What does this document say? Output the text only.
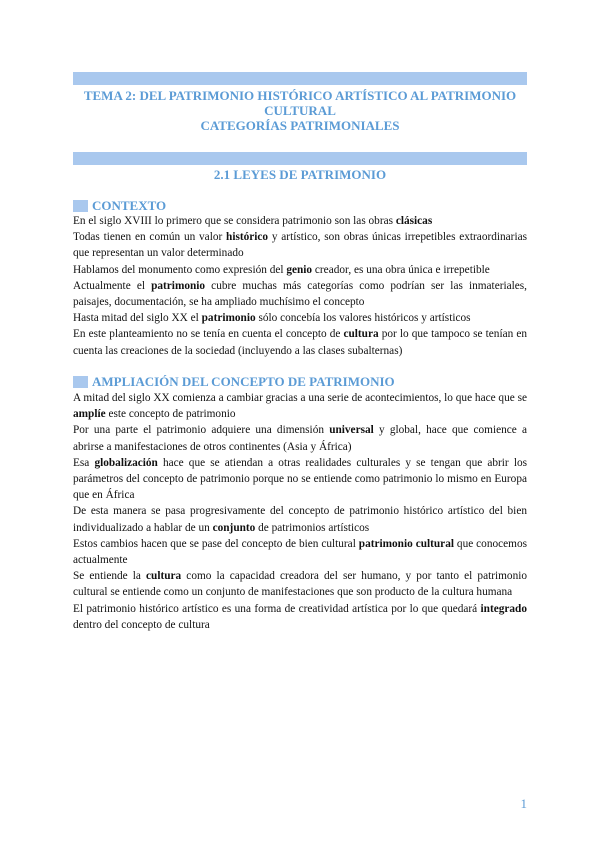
TEMA 2: DEL PATRIMONIO HISTÓRICO ARTÍSTICO AL PATRIMONIO
CULTURAL
CATEGORÍAS PATRIMONIALES
2.1 LEYES DE PATRIMONIO
CONTEXTO

En el siglo XVIII lo primero que se considera patrimonio son las obras clásicas

Todas tienen en común un valor histórico y artístico, son obras únicas irrepetibles extraordinarias que representan un valor determinado

Hablamos del monumento como expresión del genio creador, es una obra única e irrepetible

Actualmente el patrimonio cubre muchas más categorías como podrían ser las inmateriales, paisajes, documentación, se ha ampliado muchísimo el concepto

Hasta mitad del siglo XX el patrimonio sólo concebía los valores históricos y artísticos

En este planteamiento no se tenía en cuenta el concepto de cultura por lo que tampoco se tenían en cuenta las creaciones de la sociedad (incluyendo a las clases subalternas)

AMPLIACIÓN DEL CONCEPTO DE PATRIMONIO

A mitad del siglo XX comienza a cambiar gracias a una serie de acontecimientos, lo que hace que se amplíe este concepto de patrimonio

Por una parte el patrimonio adquiere una dimensión universal y global, hace que comience a abrirse a manifestaciones de otros continentes (Asia y África)

Esa globalización hace que se atiendan a otras realidades culturales y se tengan que abrir los parámetros del concepto de patrimonio porque no se entiende como patrimonio lo mismo en Europa que en África

De esta manera se pasa progresivamente del concepto de patrimonio histórico artístico del bien individualizado a hablar de un conjunto de patrimonios artísticos

Estos cambios hacen que se pase del concepto de bien cultural patrimonio cultural que conocemos actualmente

Se entiende la cultura como la capacidad creadora del ser humano, y por tanto el patrimonio cultural se entiende como un conjunto de manifestaciones que son producto de la cultura humana

El patrimonio histórico artístico es una forma de creatividad artística por lo que quedará integrado dentro del concepto de cultura

1
